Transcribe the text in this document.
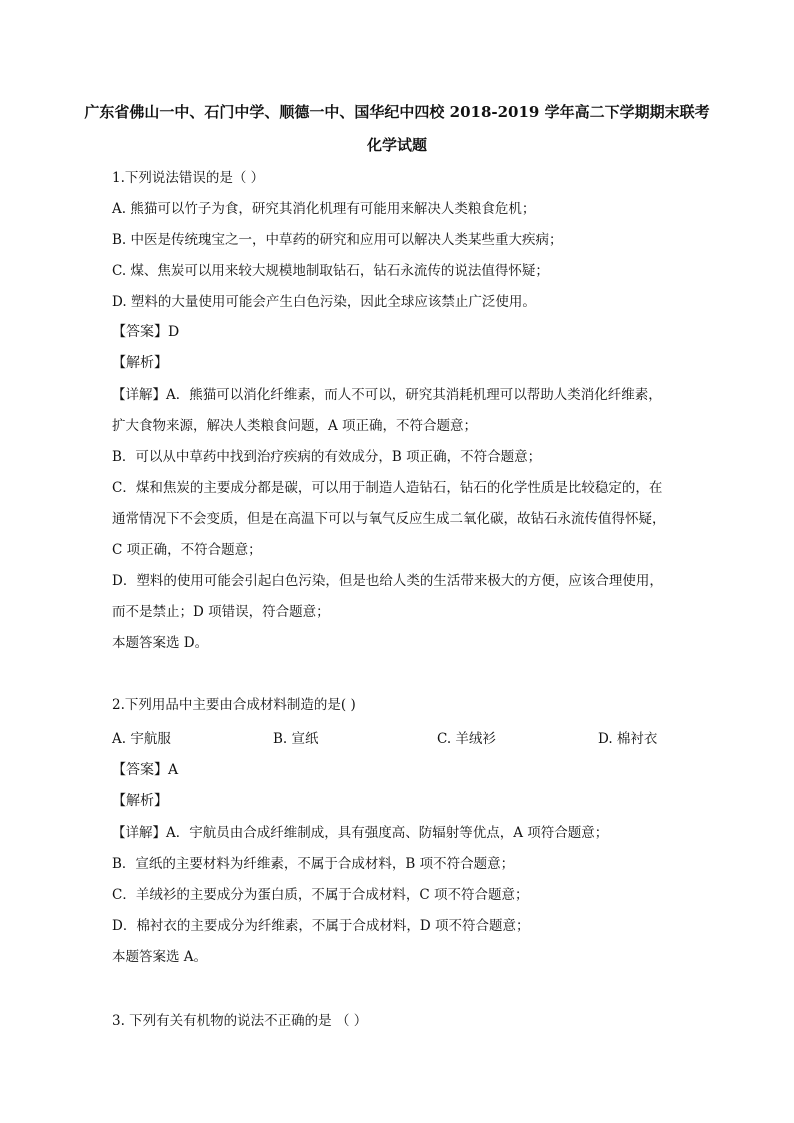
广东省佛山一中、石门中学、顺德一中、国华纪中四校 2018-2019 学年高二下学期期末联考
化学试题
1.下列说法错误的是（ ）
A. 熊猫可以竹子为食，研究其消化机理有可能用来解决人类粮食危机；
B. 中医是传统瑰宝之一，中草药的研究和应用可以解决人类某些重大疾病；
C. 煤、焦炭可以用来较大规模地制取钻石，钻石永流传的说法值得怀疑；
D. 塑料的大量使用可能会产生白色污染，因此全球应该禁止广泛使用。
【答案】D
【解析】
【详解】A．熊猫可以消化纤维素，而人不可以，研究其消耗机理可以帮助人类消化纤维素，
扩大食物来源，解决人类粮食问题，A 项正确，不符合题意；
B．可以从中草药中找到治疗疾病的有效成分，B 项正确，不符合题意；
C．煤和焦炭的主要成分都是碳，可以用于制造人造钻石，钻石的化学性质是比较稳定的，在
通常情况下不会变质，但是在高温下可以与氧气反应生成二氧化碳，故钻石永流传值得怀疑，
C 项正确，不符合题意；
D．塑料的使用可能会引起白色污染，但是也给人类的生活带来极大的方便，应该合理使用，
而不是禁止；D 项错误，符合题意；
本题答案选 D。
2.下列用品中主要由合成材料制造的是( )
A. 宇航服	B. 宣纸	C. 羊绒衫	D. 棉衬衣
【答案】A
【解析】
【详解】A．宇航员由合成纤维制成，具有强度高、防辐射等优点，A 项符合题意；
B．宣纸的主要材料为纤维素，不属于合成材料，B 项不符合题意；
C．羊绒衫的主要成分为蛋白质，不属于合成材料，C 项不符合题意；
D．棉衬衣的主要成分为纤维素，不属于合成材料，D 项不符合题意；
本题答案选 A。
3. 下列有关有机物的说法不正确的是 （ ）
